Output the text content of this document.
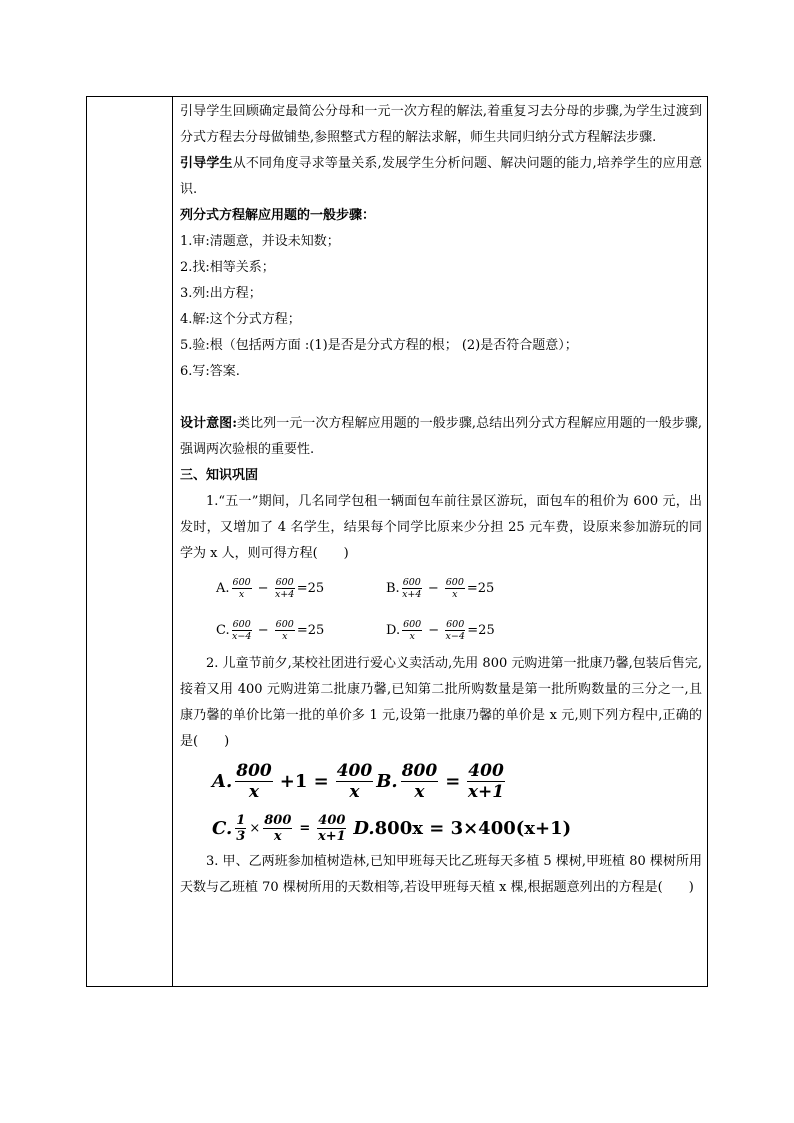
引导学生回顾确定最简公分母和一元一次方程的解法,着重复习去分母的步骤,为学生过渡到分式方程去分母做铺垫,参照整式方程的解法求解，师生共同归纳分式方程解法步骤.

引导学生从不同角度寻求等量关系,发展学生分析问题、解决问题的能力,培养学生的应用意识.

列分式方程解应用题的一般步骤：

1.审:清题意，并设未知数；

2.找:相等关系；

3.列:出方程；

4.解:这个分式方程；

5.验:根（包括两方面 :(1)是否是分式方程的根； (2)是否符合题意）；

6.写:答案.

设计意图:类比列一元一次方程解应用题的一般步骤,总结出列分式方程解应用题的一般步骤,强调两次验根的重要性.

三、知识巩固

1.“五一”期间，几名同学包租一辆面包车前往景区游玩，面包车的租价为 600 元，出发时，又增加了 4 名学生，结果每个同学比原来少分担 25 元车费，设原来参加游玩的同学为 x 人，则可得方程(　　)

A. $\frac{600}{x} - \frac{600}{x+4} =25$	B. $\frac{600}{x+4} - \frac{600}{x} =25$
C. $\frac{600}{x-4} - \frac{600}{x} =25$	D. $\frac{600}{x} - \frac{600}{x-4} =25$

2. 儿童节前夕,某校社团进行爱心义卖活动,先用 800 元购进第一批康乃馨,包装后售完,接着又用 400 元购进第二批康乃馨,已知第二批所购数量是第一批所购数量的三分之一,且康乃馨的单价比第一批的单价多 1 元,设第一批康乃馨的单价是 x 元,则下列方程中,正确的是(　　)

A. $\frac{800}{x} +1 = \frac{400}{x} B$. $\frac{800}{x} = \frac{400}{x+1}$
C. $\frac{1}{3} \times \frac{800}{x} = \frac{400}{x+1} D$. 800x = 3×400(x+1)

3. 甲、乙两班参加植树造林,已知甲班每天比乙班每天多植 5 棵树,甲班植 80 棵树所用天数与乙班植 70 棵树所用的天数相等,若设甲班每天植 x 棵,根据题意列出的方程是(　　)
